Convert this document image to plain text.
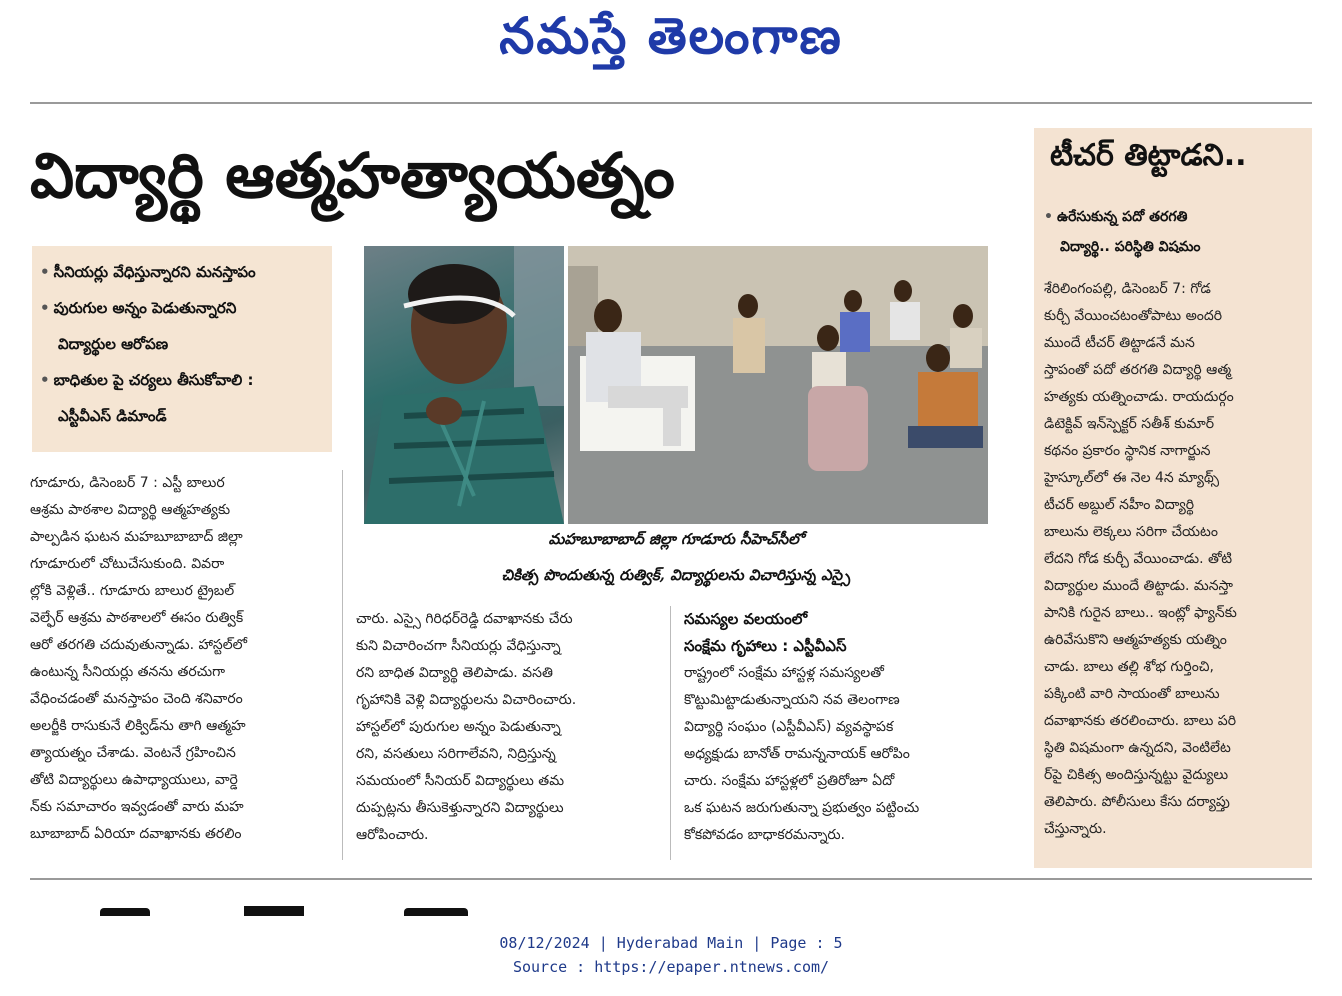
నమస్తే తెలంగాణ
విద్యార్థి ఆత్మహత్యాయత్నం
• సీనియర్లు వేధిస్తున్నారని మనస్తాపం
• పురుగుల అన్నం పెడుతున్నారని
విద్యార్థుల ఆరోపణ
• బాధితుల పై చర్యలు తీసుకోవాలి :
ఎస్టీవీఎస్ డిమాండ్
మహబూబాబాద్ జిల్లా గూడూరు సీహెచ్‌సీలో
చికిత్స పొందుతున్న రుత్విక్, విద్యార్థులను విచారిస్తున్న ఎస్సై
గూడూరు, డిసెంబర్ 7 : ఎస్టీ బాలుర
ఆశ్రమ పాఠశాల విద్యార్థి ఆత్మహత్యకు
పాల్పడిన ఘటన మహబూబాబాద్ జిల్లా
గూడూరులో చోటుచేసుకుంది. వివరా
ల్లోకి వెళ్లితే.. గూడూరు బాలుర ట్రైబల్
వెల్ఫేర్ ఆశ్రమ పాఠశాలలో ఈసం రుత్విక్
ఆరో తరగతి చదువుతున్నాడు. హాస్టల్‌లో
ఉంటున్న సీనియర్లు తనను తరచుగా
వేధించడంతో మనస్తాపం చెంది శనివారం
అలర్జీకి రాసుకునే లిక్విడ్‌ను తాగి ఆత్మహ
త్యాయత్నం చేశాడు. వెంటనే గ్రహించిన
తోటి విద్యార్థులు ఉపాధ్యాయులు, వార్డె
న్‌కు సమాచారం ఇవ్వడంతో వారు మహ
బూబాబాద్ ఏరియా దవాఖానకు తరలిం
చారు. ఎస్సై గిరిధర్‌రెడ్డి దవాఖానకు చేరు
కుని విచారించగా సీనియర్లు వేధిస్తున్నా
రని బాధిత విద్యార్థి తెలిపాడు. వసతి
గృహానికి వెళ్లి విద్యార్థులను విచారించారు.
హాస్టల్‌లో పురుగుల అన్నం పెడుతున్నా
రని, వసతులు సరిగాలేవని, నిద్రిస్తున్న
సమయంలో సీనియర్ విద్యార్థులు తమ
దుప్పట్లను తీసుకెళ్తున్నారని విద్యార్థులు
ఆరోపించారు.
సమస్యల వలయంలో
సంక్షేమ గృహాలు : ఎస్టీవీఎస్
రాష్ట్రంలో సంక్షేమ హాస్టళ్ల సమస్యలతో
కొట్టుమిట్టాడుతున్నాయని నవ తెలంగాణ
విద్యార్థి సంఘం (ఎస్టీవీఎస్) వ్యవస్థాపక
అధ్యక్షుడు బానోత్ రామన్ననాయక్ ఆరోపిం
చారు. సంక్షేమ హాస్టళ్లలో ప్రతిరోజూ ఏదో
ఒక ఘటన జరుగుతున్నా ప్రభుత్వం పట్టించు
కోకపోవడం బాధాకరమన్నారు.
టీచర్ తిట్టాడని..
• ఉరేసుకున్న పదో తరగతి
విద్యార్థి.. పరిస్థితి విషమం
శేరిలింగంపల్లి, డిసెంబర్ 7: గోడ
కుర్చీ వేయించటంతోపాటు అందరి
ముందే టీచర్ తిట్టాడనే మన
స్తాపంతో పదో తరగతి విద్యార్థి ఆత్మ
హత్యకు యత్నించాడు. రాయదుర్గం
డిటెక్టివ్ ఇన్‌స్పెక్టర్ సతీశ్ కుమార్
కథనం ప్రకారం స్థానిక నాగార్జున
హైస్కూల్‌లో ఈ నెల 4న మ్యాథ్స్
టీచర్ అబ్దుల్ నహీం విద్యార్థి
బాలును లెక్కలు సరిగా చేయటం
లేదని గోడ కుర్చీ వేయించాడు. తోటి
విద్యార్థుల ముందే తిట్టాడు. మనస్తా
పానికి గురైన బాలు.. ఇంట్లో ఫ్యాన్‌కు
ఉరివేసుకొని ఆత్మహత్యకు యత్నిం
చాడు. బాలు తల్లి శోభ గుర్తించి,
పక్కింటి వారి సాయంతో బాలును
దవాఖానకు తరలించారు. బాలు పరి
స్థితి విషమంగా ఉన్నదని, వెంటిలేట
ర్‌పై చికిత్స అందిస్తున్నట్టు వైద్యులు
తెలిపారు. పోలీసులు కేసు దర్యాప్తు
చేస్తున్నారు.
08/12/2024 | Hyderabad Main | Page : 5
Source : https://epaper.ntnews.com/
